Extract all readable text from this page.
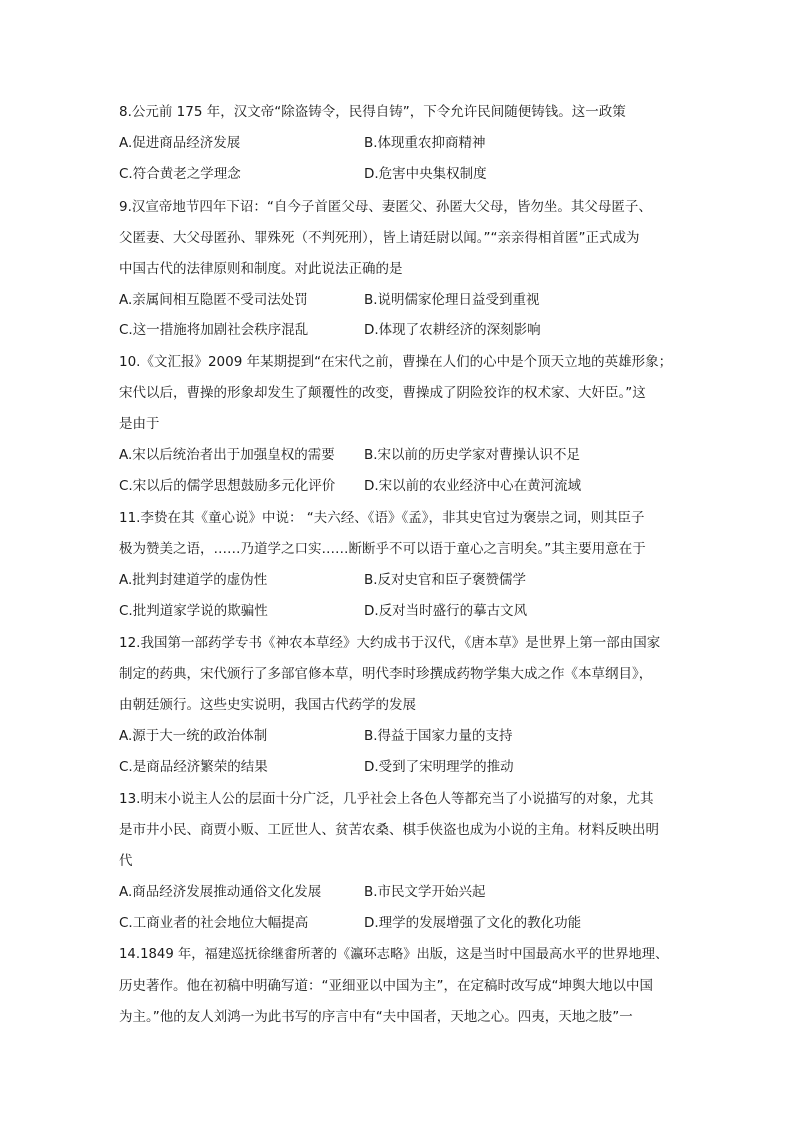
8.公元前 175 年，汉文帝“除盗铸令，民得自铸”，下令允许民间随便铸钱。这一政策
A.促进商品经济发展	B.体现重农抑商精神
C.符合黄老之学理念	D.危害中央集权制度
9.汉宣帝地节四年下诏：“自今子首匿父母、妻匿父、孙匿大父母，皆勿坐。其父母匿子、
父匿妻、大父母匿孙、罪殊死（不判死刑），皆上请廷尉以闻。”“亲亲得相首匿”正式成为
中国古代的法律原则和制度。对此说法正确的是
A.亲属间相互隐匿不受司法处罚	B.说明儒家伦理日益受到重视
C.这一措施将加剧社会秩序混乱	D.体现了农耕经济的深刻影响
10.《文汇报》2009 年某期提到“在宋代之前，曹操在人们的心中是个顶天立地的英雄形象；
宋代以后，曹操的形象却发生了颠覆性的改变，曹操成了阴险狡诈的权术家、大奸臣。”这
是由于
A.宋以后统治者出于加强皇权的需要 B.宋以前的历史学家对曹操认识不足
C.宋以后的儒学思想鼓励多元化评价 D.宋以前的农业经济中心在黄河流域
11.李贽在其《童心说》中说： “夫六经、《语》《孟》，非其史官过为褒崇之词，则其臣子
极为赞美之语，……乃道学之口实……断断乎不可以语于童心之言明矣。”其主要用意在于
A.批判封建道学的虚伪性	B.反对史官和臣子褒赞儒学
C.批判道家学说的欺骗性	D.反对当时盛行的摹古文风
12.我国第一部药学专书《神农本草经》大约成书于汉代，《唐本草》是世界上第一部由国家
制定的药典，宋代颁行了多部官修本草，明代李时珍撰成药物学集大成之作《本草纲目》，
由朝廷颁行。这些史实说明，我国古代药学的发展
A.源于大一统的政治体制	B.得益于国家力量的支持
C.是商品经济繁荣的结果	D.受到了宋明理学的推动
13.明末小说主人公的层面十分广泛，几乎社会上各色人等都充当了小说描写的对象，尤其
是市井小民、商贾小贩、工匠世人、贫苦农桑、棋手侠盗也成为小说的主角。材料反映出明
代
A.商品经济发展推动通俗文化发展	B.市民文学开始兴起
C.工商业者的社会地位大幅提高	D.理学的发展增强了文化的教化功能
14.1849 年，福建巡抚徐继畬所著的《瀛环志略》出版，这是当时中国最高水平的世界地理、
历史著作。他在初稿中明确写道：“亚细亚以中国为主”，在定稿时改写成“坤舆大地以中国
为主。”他的友人刘鸿一为此书写的序言中有“夫中国者，天地之心。四夷，天地之肢”一
